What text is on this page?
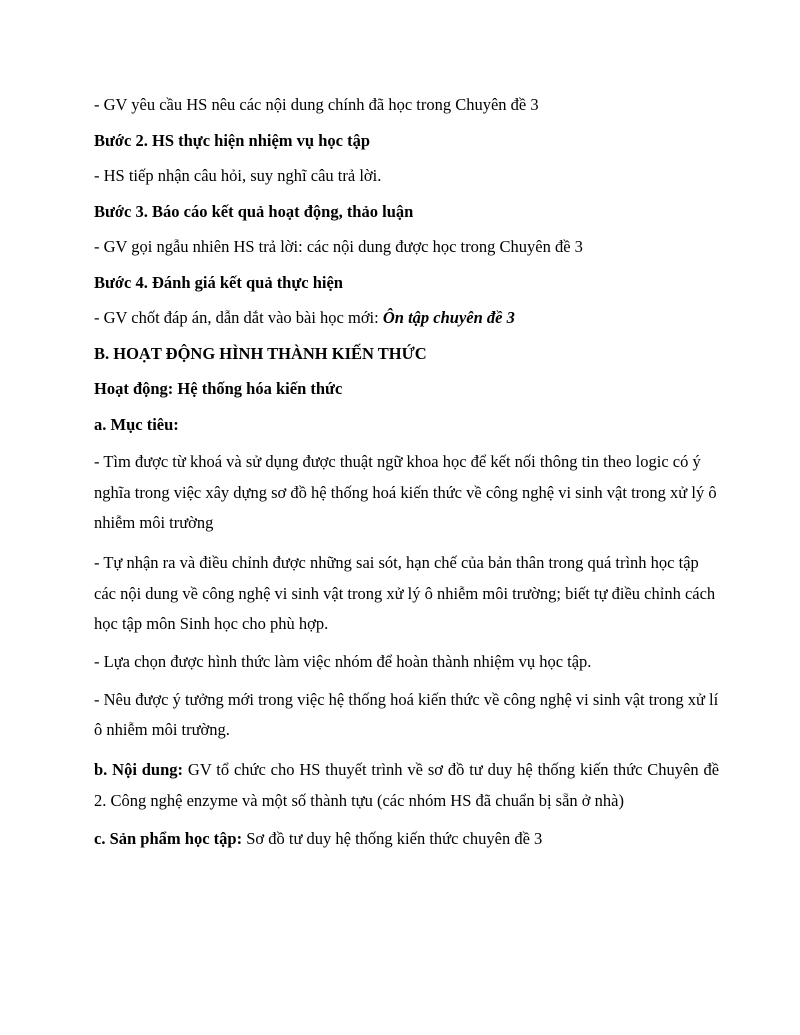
- GV yêu cầu HS nêu các nội dung chính đã học trong Chuyên đề 3

Bước 2. HS thực hiện nhiệm vụ học tập

- HS tiếp nhận câu hỏi, suy nghĩ câu trả lời.

Bước 3. Báo cáo kết quả hoạt động, thảo luận

- GV gọi ngẫu nhiên HS trả lời: các nội dung được học trong Chuyên đề 3

Bước 4. Đánh giá kết quả thực hiện

- GV chốt đáp án, dẫn dắt vào bài học mới: Ôn tập chuyên đề 3

B. HOẠT ĐỘNG HÌNH THÀNH KIẾN THỨC

Hoạt động: Hệ thống hóa kiến thức

a. Mục tiêu:

- Tìm được từ khoá và sử dụng được thuật ngữ khoa học để kết nối thông tin theo logic có ý nghĩa trong việc xây dựng sơ đồ hệ thống hoá kiến thức về công nghệ vi sinh vật trong xử lý ô nhiễm môi trường

- Tự nhận ra và điều chỉnh được những sai sót, hạn chế của bản thân trong quá trình học tập các nội dung về công nghệ vi sinh vật trong xử lý ô nhiễm môi trường; biết tự điều chỉnh cách học tập môn Sinh học cho phù hợp.

- Lựa chọn được hình thức làm việc nhóm để hoàn thành nhiệm vụ học tập.

- Nêu được ý tưởng mới trong việc hệ thống hoá kiến thức về công nghệ vi sinh vật trong xử lí ô nhiễm môi trường.

b. Nội dung: GV tổ chức cho HS thuyết trình về sơ đồ tư duy hệ thống kiến thức Chuyên đề 2. Công nghệ enzyme và một số thành tựu (các nhóm HS đã chuẩn bị sẵn ở nhà)

c. Sản phẩm học tập: Sơ đồ tư duy hệ thống kiến thức chuyên đề 3
